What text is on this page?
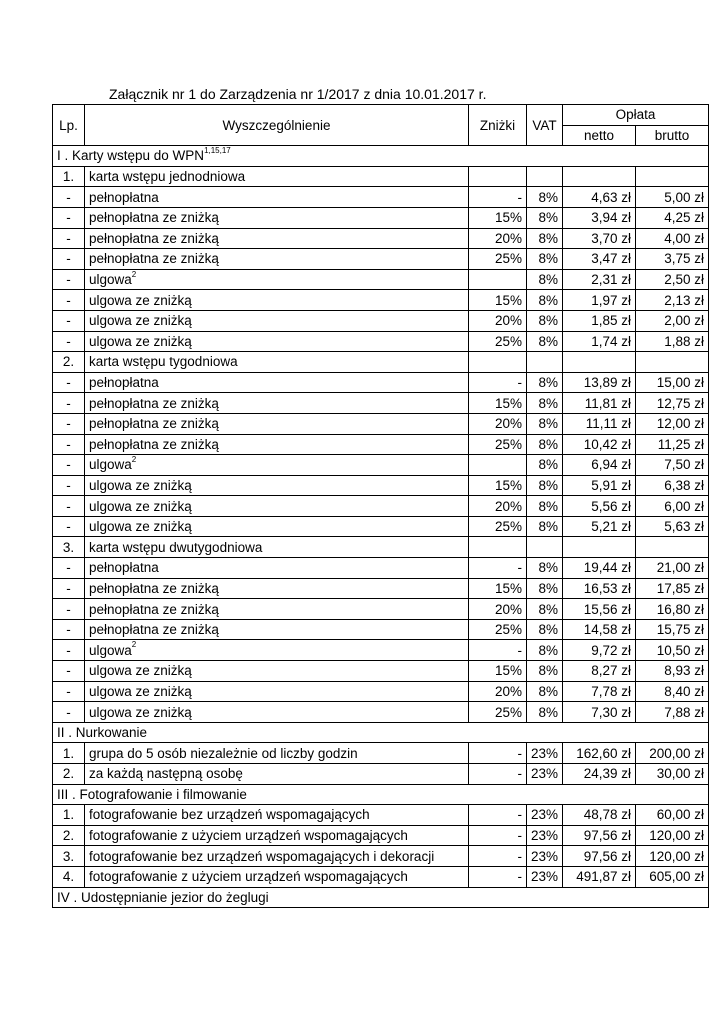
Załącznik nr 1 do Zarządzenia nr 1/2017 z dnia 10.01.2017 r.
Lp.	Wyszczególnienie	Zniżki	VAT	Opłata	
				netto	brutto
I . Karty wstępu do WPN$^{1,15,17}$
1.	karta wstępu jednodniowa				
-	pełnopłatna	-	8%	4,63 zł	5,00 zł
-	pełnopłatna ze zniżką	15%	8%	3,94 zł	4,25 zł
-	pełnopłatna ze zniżką	20%	8%	3,70 zł	4,00 zł
-	pełnopłatna ze zniżką	25%	8%	3,47 zł	3,75 zł
-	ulgowa$^2$		8%	2,31 zł	2,50 zł
-	ulgowa ze zniżką	15%	8%	1,97 zł	2,13 zł
-	ulgowa ze zniżką	20%	8%	1,85 zł	2,00 zł
-	ulgowa ze zniżką	25%	8%	1,74 zł	1,88 zł
2.	karta wstępu tygodniowa				
-	pełnopłatna	-	8%	13,89 zł	15,00 zł
-	pełnopłatna ze zniżką	15%	8%	11,81 zł	12,75 zł
-	pełnopłatna ze zniżką	20%	8%	11,11 zł	12,00 zł
-	pełnopłatna ze zniżką	25%	8%	10,42 zł	11,25 zł
-	ulgowa$^2$		8%	6,94 zł	7,50 zł
-	ulgowa ze zniżką	15%	8%	5,91 zł	6,38 zł
-	ulgowa ze zniżką	20%	8%	5,56 zł	6,00 zł
-	ulgowa ze zniżką	25%	8%	5,21 zł	5,63 zł
3.	karta wstępu dwutygodniowa				
-	pełnopłatna	-	8%	19,44 zł	21,00 zł
-	pełnopłatna ze zniżką	15%	8%	16,53 zł	17,85 zł
-	pełnopłatna ze zniżką	20%	8%	15,56 zł	16,80 zł
-	pełnopłatna ze zniżką	25%	8%	14,58 zł	15,75 zł
-	ulgowa$^2$	-	8%	9,72 zł	10,50 zł
-	ulgowa ze zniżką	15%	8%	8,27 zł	8,93 zł
-	ulgowa ze zniżką	20%	8%	7,78 zł	8,40 zł
-	ulgowa ze zniżką	25%	8%	7,30 zł	7,88 zł
II . Nurkowanie					
1.	grupa do 5 osób niezależnie od liczby godzin	-	23%	162,60 zł	200,00 zł
2.	za każdą następną osobę	-	23%	24,39 zł	30,00 zł
III . Fotografowanie i filmowanie					
1.	fotografowanie bez urządzeń wspomagających	-	23%	48,78 zł	60,00 zł
2.	fotografowanie z użyciem urządzeń wspomagających	-	23%	97,56 zł	120,00 zł
3.	fotografowanie bez urządzeń wspomagających i dekoracji	-	23%	97,56 zł	120,00 zł
4.	fotografowanie z użyciem urządzeń wspomagających	-	23%	491,87 zł	605,00 zł
IV . Udostępnianie jezior do żeglugi					
